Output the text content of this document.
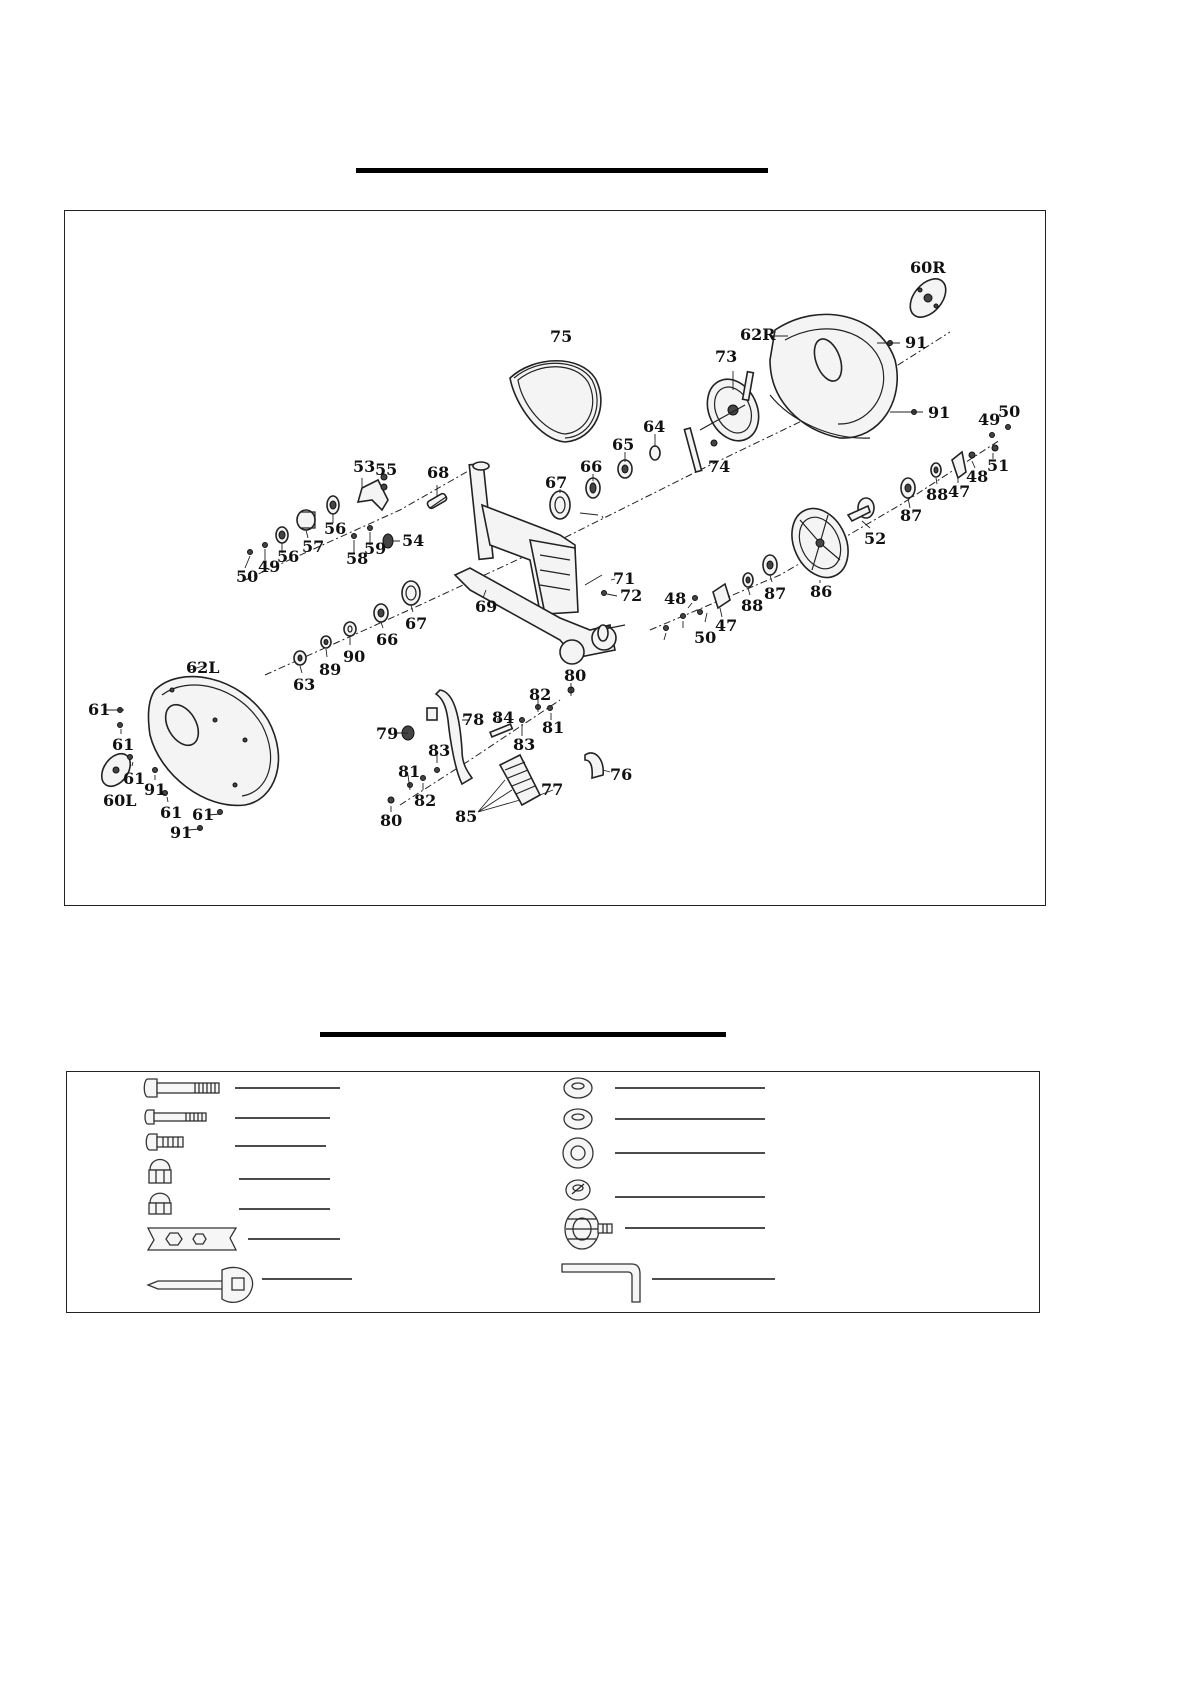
60R
62R	91
75
73
91 49
50
64
65
74	51
66
48
68
53 55
67
88 47
87
56
57	52
54
58
59
50
49
56
71
72
69
86
87
88
48
47
50
67
66
90
89
63
62L
61
61
61
60L
91
61 61
91
80
82
81
84
83
78
79
83
81
82
80
77
85
76
